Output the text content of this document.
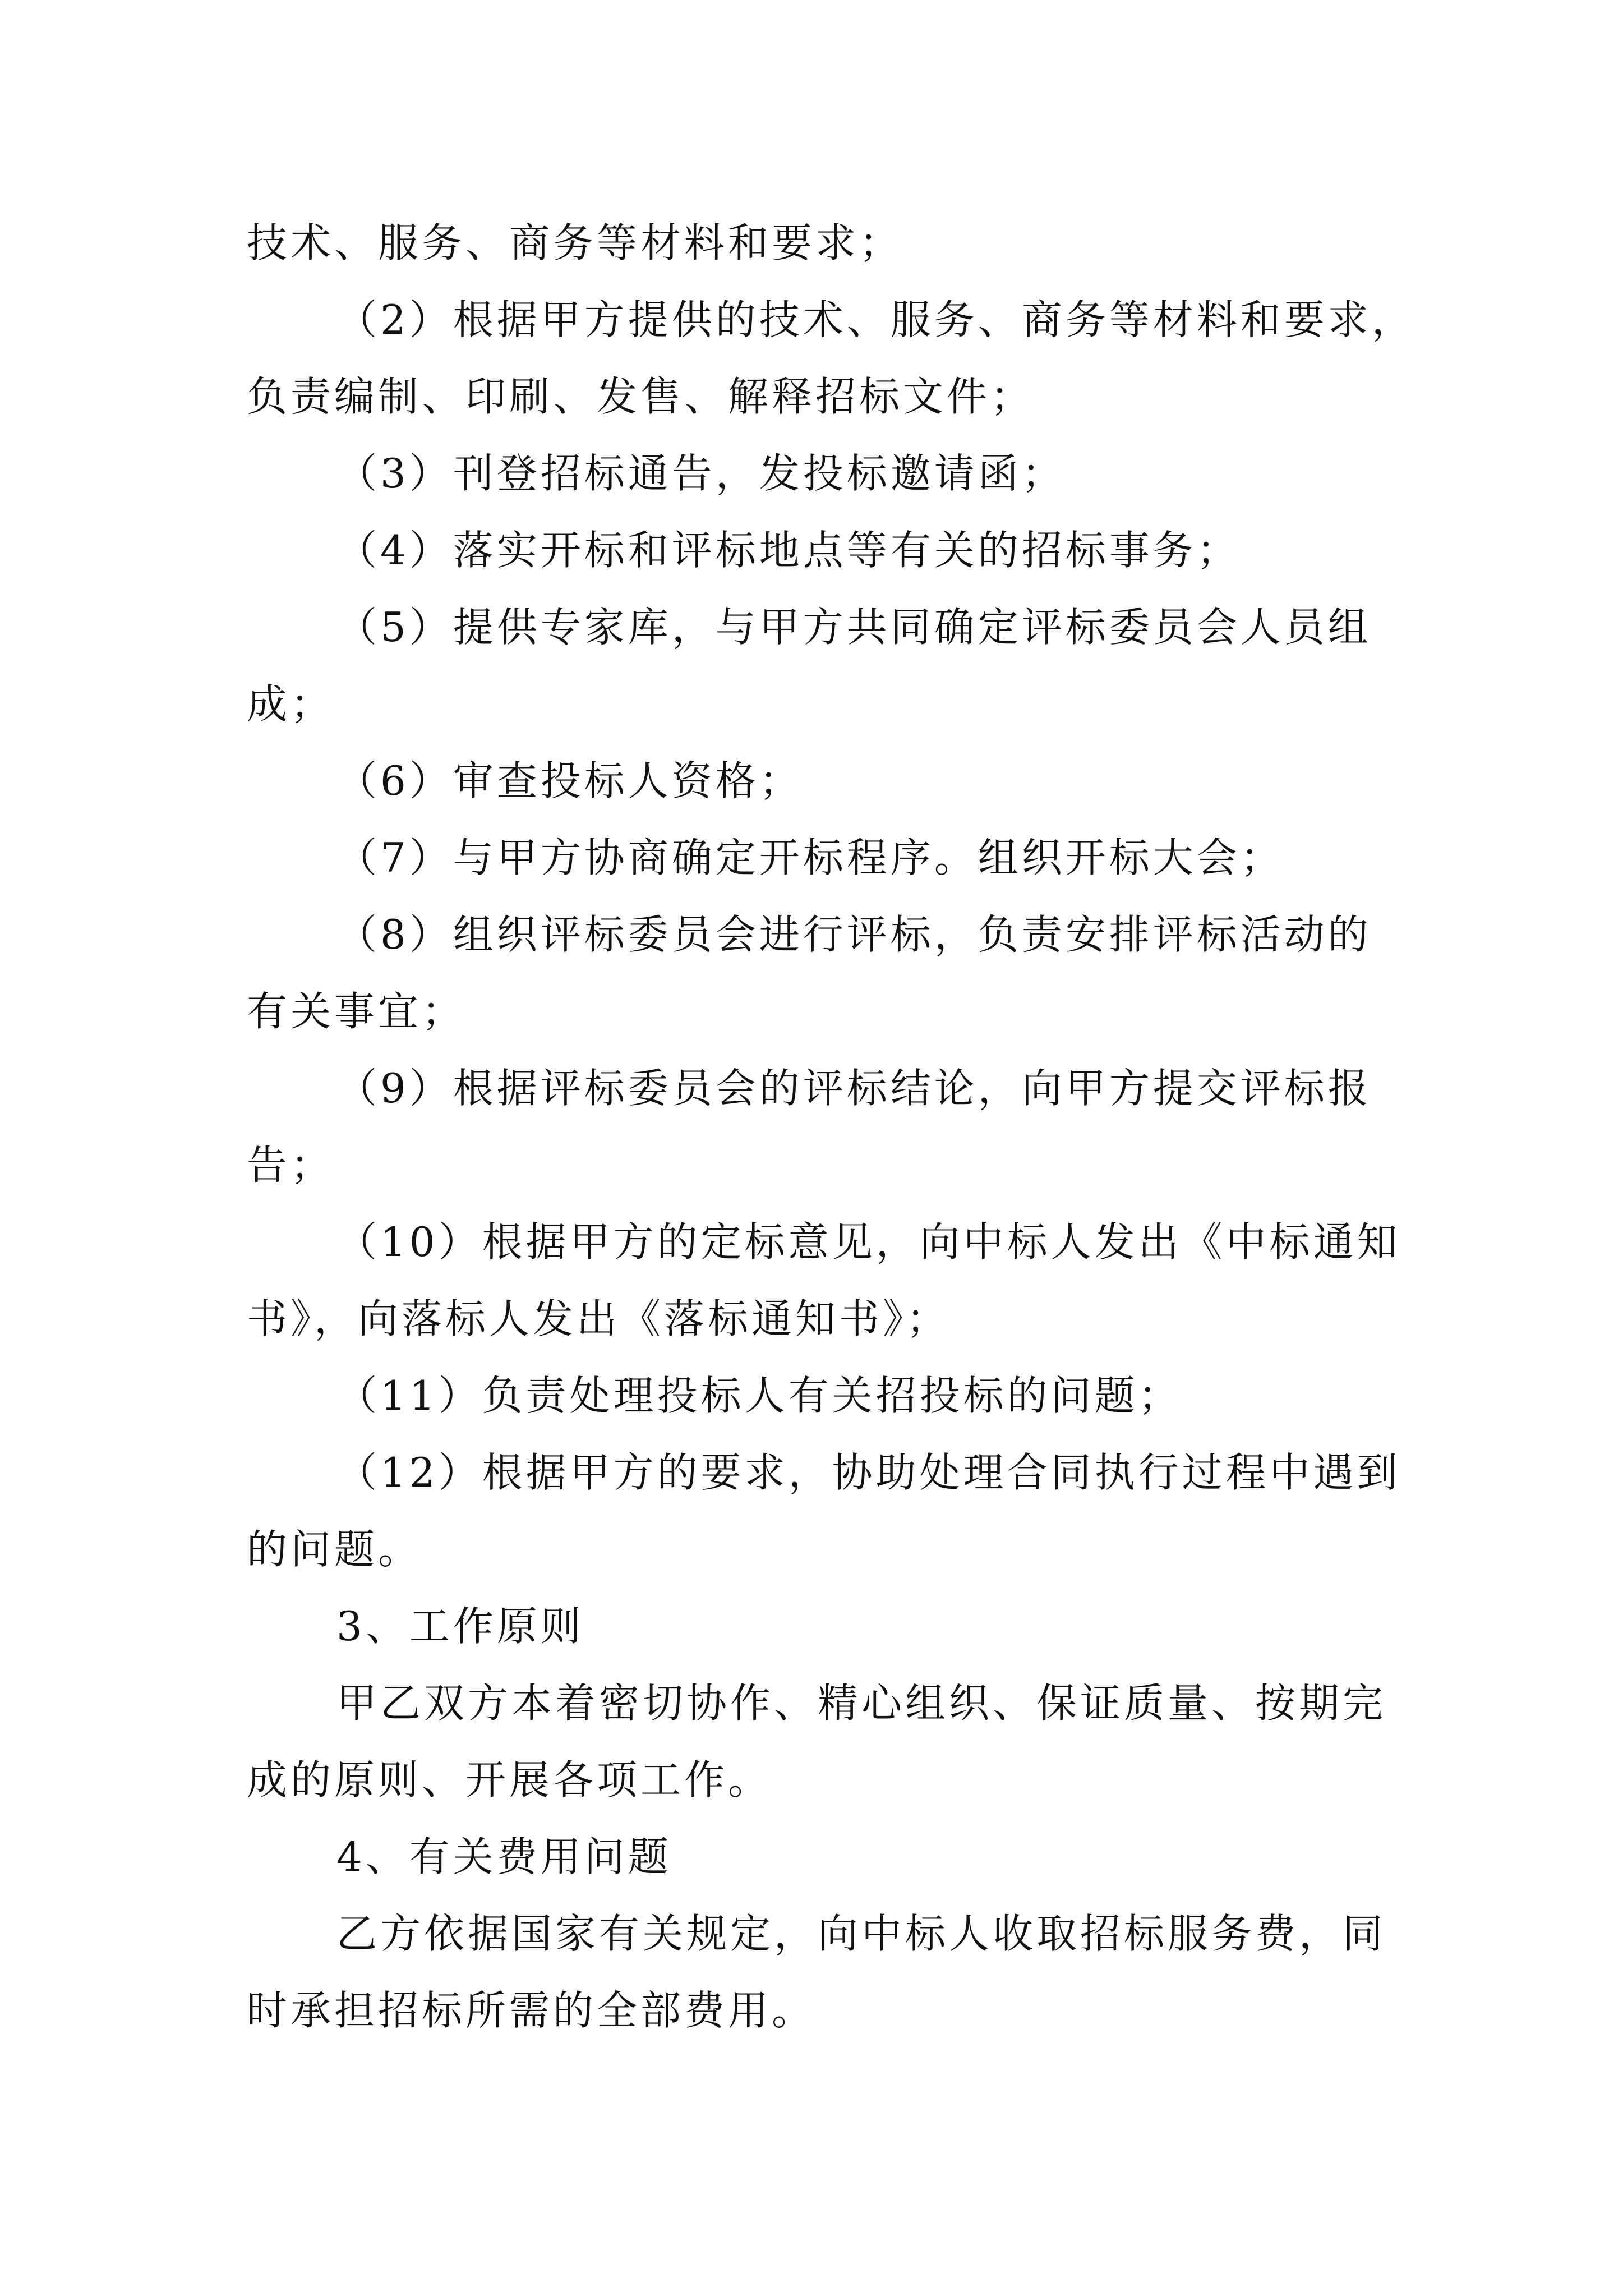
技术、服务、商务等材料和要求；
（2）根据甲方提供的技术、服务、商务等材料和要求，
负责编制、印刷、发售、解释招标文件；
（3）刊登招标通告，发投标邀请函；
（4）落实开标和评标地点等有关的招标事务；
（5）提供专家库，与甲方共同确定评标委员会人员组
成；
（6）审查投标人资格；
（7）与甲方协商确定开标程序。组织开标大会；
（8）组织评标委员会进行评标，负责安排评标活动的
有关事宜；
（9）根据评标委员会的评标结论，向甲方提交评标报
告；
（10）根据甲方的定标意见，向中标人发出《中标通知
书》，向落标人发出《落标通知书》；
（11）负责处理投标人有关招投标的问题；
（12）根据甲方的要求，协助处理合同执行过程中遇到
的问题。
3、工作原则
甲乙双方本着密切协作、精心组织、保证质量、按期完
成的原则、开展各项工作。
4、有关费用问题
乙方依据国家有关规定，向中标人收取招标服务费，同
时承担招标所需的全部费用。
